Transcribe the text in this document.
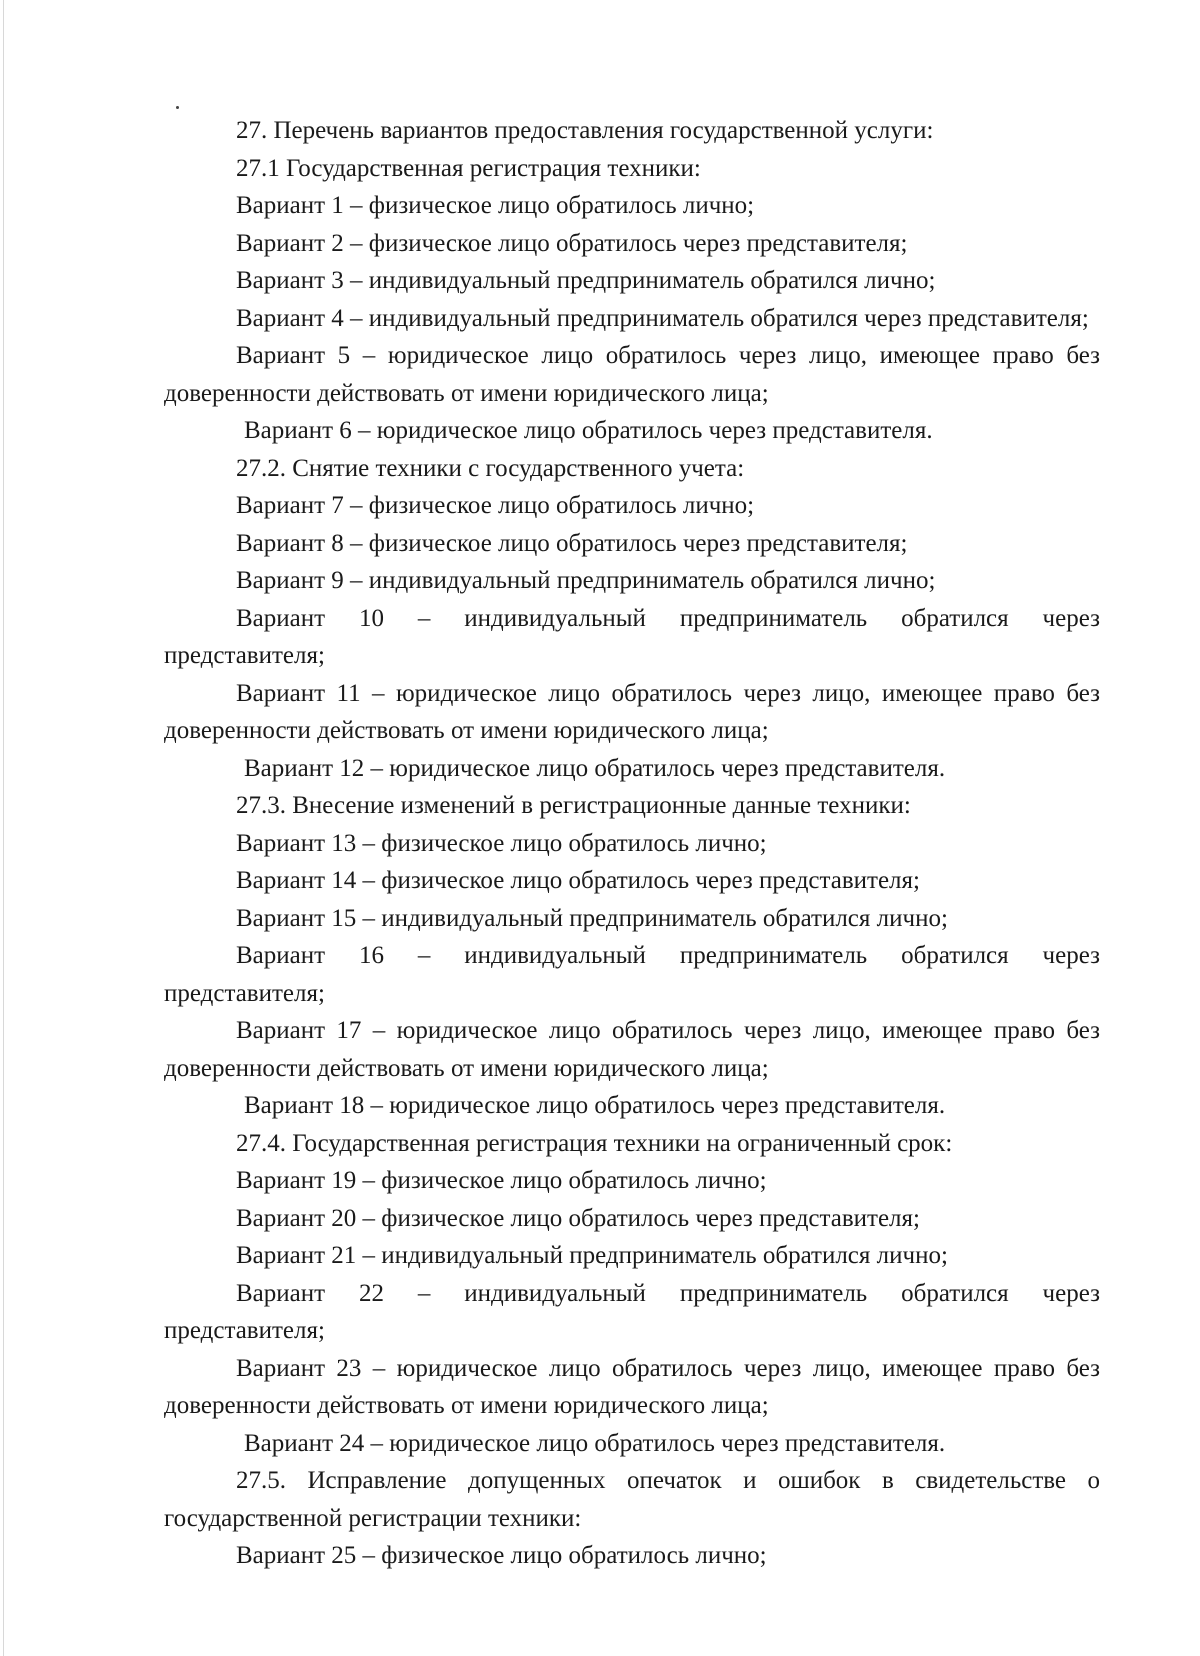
27. Перечень вариантов предоставления государственной услуги:

27.1 Государственная регистрация техники:

Вариант 1 – физическое лицо обратилось лично;

Вариант 2 – физическое лицо обратилось через представителя;

Вариант 3 – индивидуальный предприниматель обратился лично;

Вариант 4 – индивидуальный предприниматель обратился через представителя;

Вариант 5 – юридическое лицо обратилось через лицо, имеющее право без доверенности действовать от имени юридического лица;

Вариант 6 – юридическое лицо обратилось через представителя.

27.2. Снятие техники с государственного учета:

Вариант 7 – физическое лицо обратилось лично;

Вариант 8 – физическое лицо обратилось через представителя;

Вариант 9 – индивидуальный предприниматель обратился лично;

Вариант 10 – индивидуальный предприниматель обратился через представителя;

Вариант 11 – юридическое лицо обратилось через лицо, имеющее право без доверенности действовать от имени юридического лица;

Вариант 12 – юридическое лицо обратилось через представителя.

27.3. Внесение изменений в регистрационные данные техники:

Вариант 13 – физическое лицо обратилось лично;

Вариант 14 – физическое лицо обратилось через представителя;

Вариант 15 – индивидуальный предприниматель обратился лично;

Вариант 16 – индивидуальный предприниматель обратился через представителя;

Вариант 17 – юридическое лицо обратилось через лицо, имеющее право без доверенности действовать от имени юридического лица;

Вариант 18 – юридическое лицо обратилось через представителя.

27.4. Государственная регистрация техники на ограниченный срок:

Вариант 19 – физическое лицо обратилось лично;

Вариант 20 – физическое лицо обратилось через представителя;

Вариант 21 – индивидуальный предприниматель обратился лично;

Вариант 22 – индивидуальный предприниматель обратился через представителя;

Вариант 23 – юридическое лицо обратилось через лицо, имеющее право без доверенности действовать от имени юридического лица;

Вариант 24 – юридическое лицо обратилось через представителя.

27.5. Исправление допущенных опечаток и ошибок в свидетельстве о государственной регистрации техники:

Вариант 25 – физическое лицо обратилось лично;
